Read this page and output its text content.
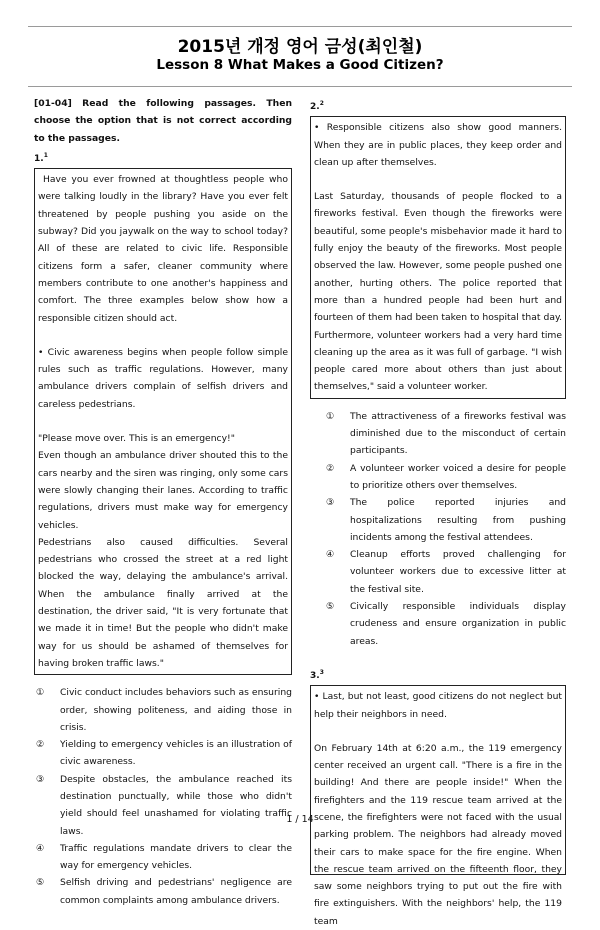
2015년 개정 영어 금성(최인철)
Lesson 8 What Makes a Good Citizen?
[01-04] Read the following passages. Then choose the option that is not correct according to the passages.
1.$^1$

Have you ever frowned at thoughtless people who were talking loudly in the library? Have you ever felt threatened by people pushing you aside on the subway? Did you jaywalk on the way to school today? All of these are related to civic life. Responsible citizens form a safer, cleaner community where members contribute to one another's happiness and comfort. The three examples below show how a responsible citizen should act.

• Civic awareness begins when people follow simple rules such as traffic regulations. However, many ambulance drivers complain of selfish drivers and careless pedestrians.

"Please move over. This is an emergency!"

Even though an ambulance driver shouted this to the cars nearby and the siren was ringing, only some cars were slowly changing their lanes. According to traffic regulations, drivers must make way for emergency vehicles.

Pedestrians also caused difficulties. Several pedestrians who crossed the street at a red light blocked the way, delaying the ambulance's arrival. When the ambulance finally arrived at the destination, the driver said, "It is very fortunate that we made it in time! But the people who didn't make way for us should be ashamed of themselves for having broken traffic laws."

①	Civic conduct includes behaviors such as ensuring order, showing politeness, and aiding those in crisis.
②	Yielding to emergency vehicles is an illustration of civic awareness.
③	Despite obstacles, the ambulance reached its destination punctually, while those who didn't yield should feel unashamed for violating traffic laws.
④	Traffic regulations mandate drivers to clear the way for emergency vehicles.
⑤	Selfish driving and pedestrians' negligence are common complaints among ambulance drivers.
2.$^2$

• Responsible citizens also show good manners. When they are in public places, they keep order and clean up after themselves.

Last Saturday, thousands of people flocked to a fireworks festival. Even though the fireworks were beautiful, some people's misbehavior made it hard to fully enjoy the beauty of the fireworks. Most people observed the law. However, some people pushed one another, hurting others. The police reported that more than a hundred people had been hurt and fourteen of them had been taken to hospital that day. Furthermore, volunteer workers had a very hard time cleaning up the area as it was full of garbage. "I wish people cared more about others than just about themselves," said a volunteer worker.

①	The attractiveness of a fireworks festival was diminished due to the misconduct of certain participants.
②	A volunteer worker voiced a desire for people to prioritize others over themselves.
③	The police reported injuries and hospitalizations resulting from pushing incidents among the festival attendees.
④	Cleanup efforts proved challenging for volunteer workers due to excessive litter at the festival site.
⑤	Civically responsible individuals display crudeness and ensure organization in public areas.
3.$^3$

• Last, but not least, good citizens do not neglect but help their neighbors in need.

On February 14th at 6:20 a.m., the 119 emergency center received an urgent call. "There is a fire in the building! And there are people inside!" When the firefighters and the 119 rescue team arrived at the scene, the firefighters were not faced with the usual parking problem. The neighbors had already moved their cars to make space for the fire engine. When the rescue team arrived on the fifteenth floor, they saw some neighbors trying to put out the fire with fire extinguishers. With the neighbors' help, the 119 team

1 / 14
